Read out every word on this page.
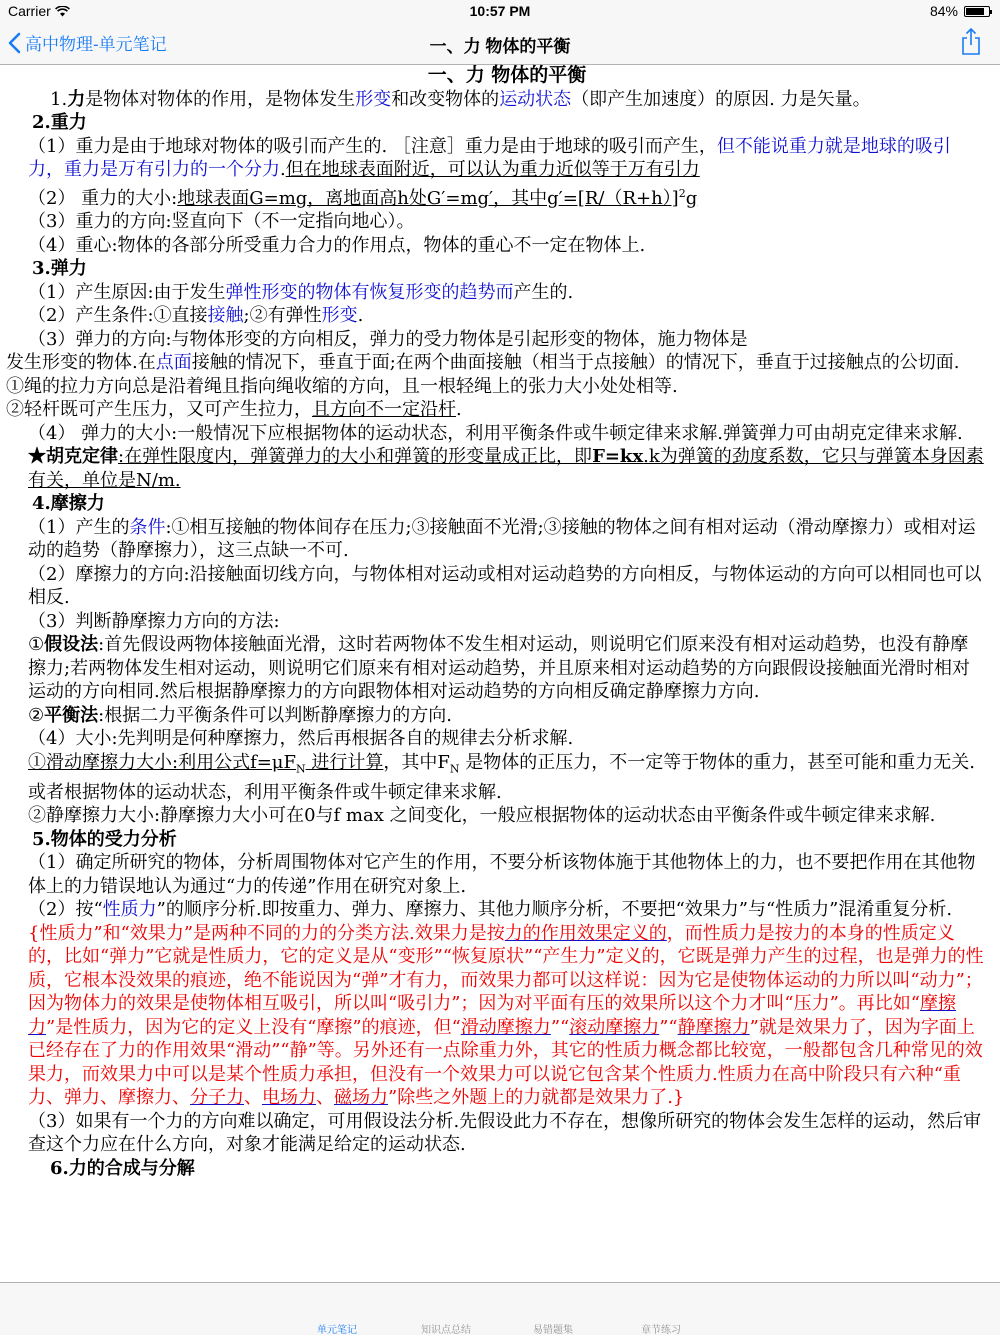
Carrier	10:57 PM	84%
高中物理-单元笔记	一、力 物体的平衡

一、力 物体的平衡

1.力是物体对物体的作用，是物体发生形变和改变物体的运动状态（即产生加速度）的原因. 力是矢量。

2.重力

（1）重力是由于地球对物体的吸引而产生的. ［注意］重力是由于地球的吸引而产生，但不能说重力就是地球的吸引力，重力是万有引力的一个分力.但在地球表面附近，可以认为重力近似等于万有引力

（2） 重力的大小:地球表面G=mg，离地面高h处G′=mg′，其中$g'=[R/(R+h)]^2g$

（3）重力的方向:竖直向下（不一定指向地心）。

（4）重心:物体的各部分所受重力合力的作用点，物体的重心不一定在物体上.

3.弹力

（1）产生原因:由于发生弹性形变的物体有恢复形变的趋势而产生的.

（2）产生条件:①直接接触;②有弹性形变.

（3）弹力的方向:与物体形变的方向相反，弹力的受力物体是引起形变的物体，施力物体是

发生形变的物体.在点面接触的情况下，垂直于面;在两个曲面接触（相当于点接触）的情况下，垂直于过接触点的公切面.

①绳的拉力方向总是沿着绳且指向绳收缩的方向，且一根轻绳上的张力大小处处相等.

②轻杆既可产生压力，又可产生拉力，且方向不一定沿杆.

（4） 弹力的大小:一般情况下应根据物体的运动状态，利用平衡条件或牛顿定律来求解.弹簧弹力可由胡克定律来求解.

★胡克定律:在弹性限度内，弹簧弹力的大小和弹簧的形变量成正比，即F=kx.k为弹簧的劲度系数，它只与弹簧本身因素有关，单位是N/m.

4.摩擦力

（1）产生的条件:①相互接触的物体间存在压力;③接触面不光滑;③接触的物体之间有相对运动（滑动摩擦力）或相对运动的趋势（静摩擦力），这三点缺一不可.

（2）摩擦力的方向:沿接触面切线方向，与物体相对运动或相对运动趋势的方向相反，与物体运动的方向可以相同也可以相反.

（3）判断静摩擦力方向的方法:

①假设法:首先假设两物体接触面光滑，这时若两物体不发生相对运动，则说明它们原来没有相对运动趋势，也没有静摩擦力;若两物体发生相对运动，则说明它们原来有相对运动趋势，并且原来相对运动趋势的方向跟假设接触面光滑时相对运动的方向相同.然后根据静摩擦力的方向跟物体相对运动趋势的方向相反确定静摩擦力方向.

②平衡法:根据二力平衡条件可以判断静摩擦力的方向.

（4）大小:先判明是何种摩擦力，然后再根据各自的规律去分析求解.

①滑动摩擦力大小:利用公式$f=\mu F_N$ 进行计算，其中$F_N$ 是物体的正压力，不一定等于物体的重力，甚至可能和重力无关.或者根据物体的运动状态，利用平衡条件或牛顿定律来求解.

②静摩擦力大小:静摩擦力大小可在0与f max 之间变化，一般应根据物体的运动状态由平衡条件或牛顿定律来求解.

5.物体的受力分析

（1）确定所研究的物体，分析周围物体对它产生的作用，不要分析该物体施于其他物体上的力，也不要把作用在其他物体上的力错误地认为通过“力的传递”作用在研究对象上.

（2）按“性质力”的顺序分析.即按重力、弹力、摩擦力、其他力顺序分析，不要把“效果力”与“性质力”混淆重复分析. {性质力”和“效果力”是两种不同的力的分类方法.效果力是按力的作用效果定义的，而性质力是按力的本身的性质定义的，比如“弹力”它就是性质力，它的定义是从“变形”“恢复原状”“产生力”定义的，它既是弹力产生的过程，也是弹力的性质，它根本没效果的痕迹，绝不能说因为“弹”才有力，而效果力都可以这样说：因为它是使物体运动的力所以叫“动力”；因为物体力的效果是使物体相互吸引，所以叫“吸引力”；因为对平面有压的效果所以这个力才叫“压力”。再比如“摩擦力”是性质力，因为它的定义上没有“摩擦”的痕迹，但“滑动摩擦力”“滚动摩擦力”“静摩擦力”就是效果力了，因为字面上已经存在了力的作用效果“滑动”“静”等。另外还有一点除重力外，其它的性质力概念都比较宽，一般都包含几种常见的效果力，而效果力中可以是某个性质力承担，但没有一个效果力可以说它包含某个性质力.性质力在高中阶段只有六种“重力、弹力、摩擦力、分子力、电场力、磁场力”除些之外题上的力就都是效果力了.}

（3）如果有一个力的方向难以确定，可用假设法分析.先假设此力不存在，想像所研究的物体会发生怎样的运动，然后审查这个力应在什么方向，对象才能满足给定的运动状态.

6.力的合成与分解

单元笔记	知识点总结	易错题集	章节练习
